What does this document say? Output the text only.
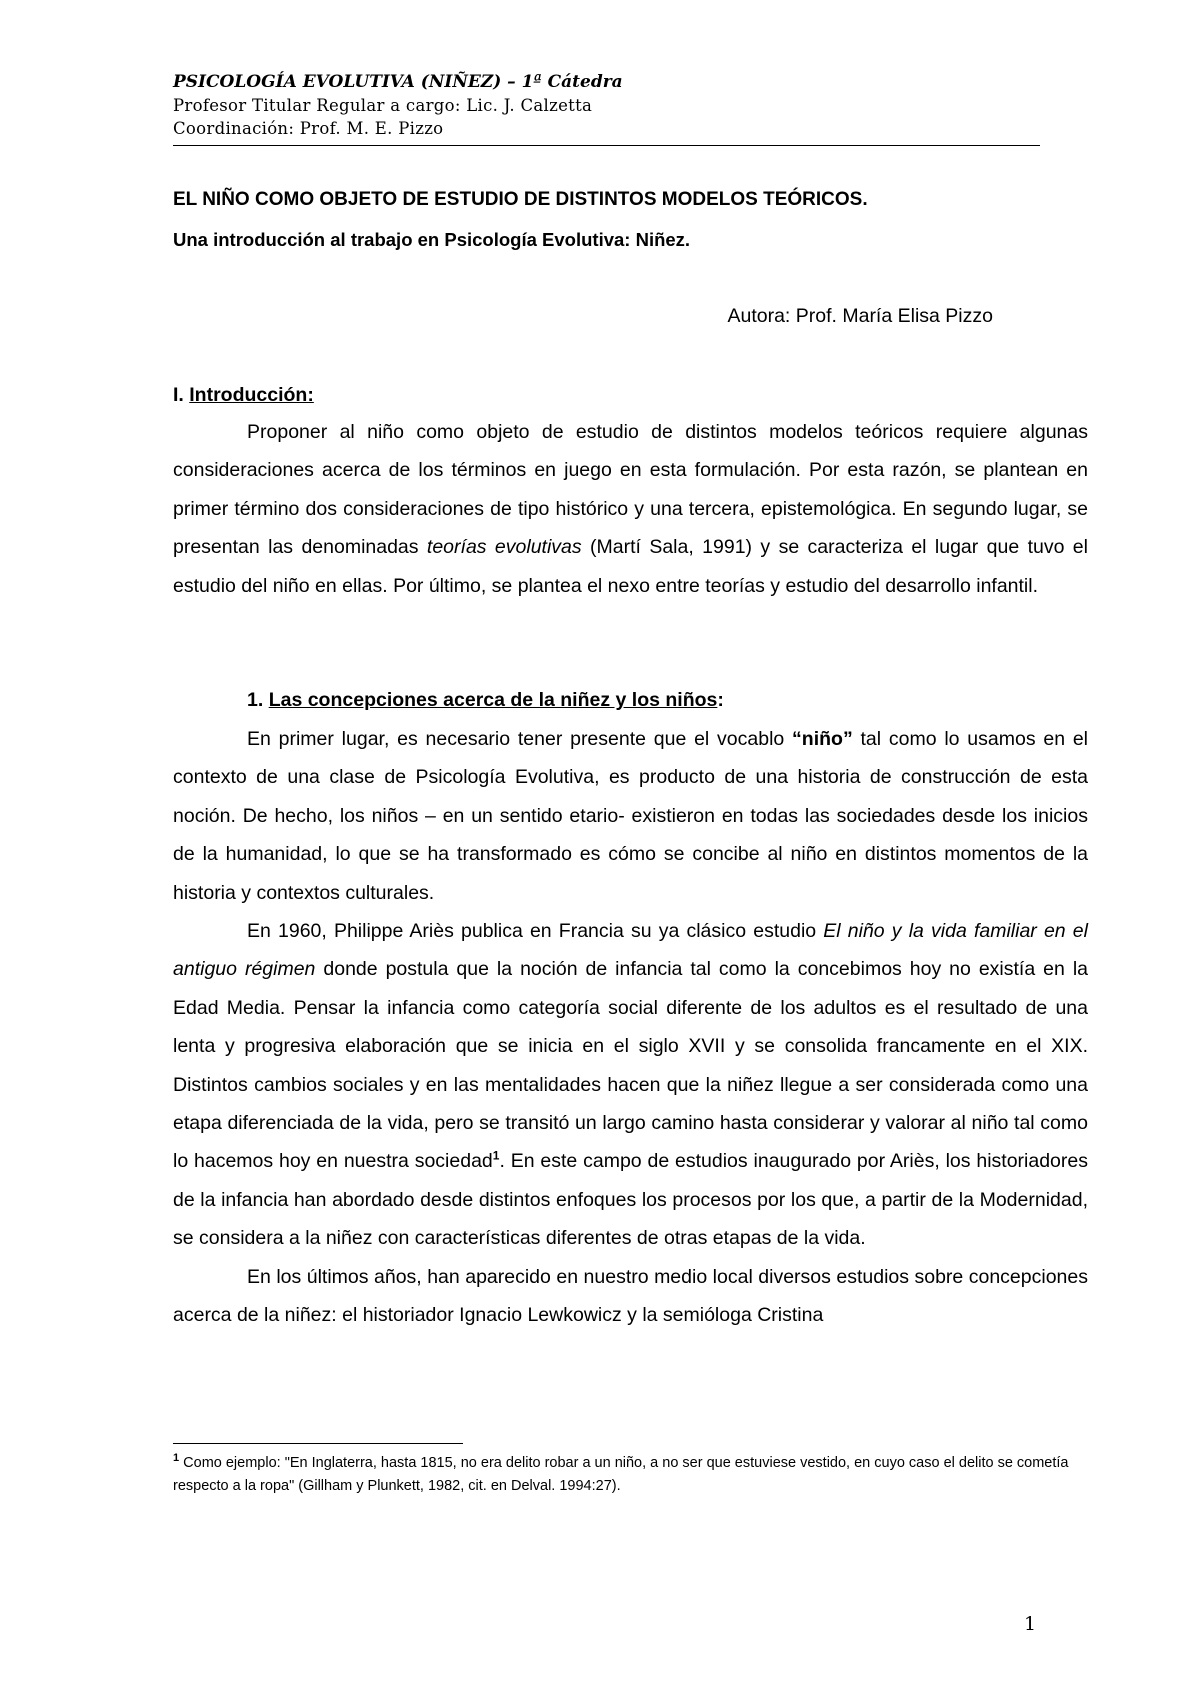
PSICOLOGÍA EVOLUTIVA (NIÑEZ) – 1ª Cátedra
Profesor Titular Regular a cargo: Lic. J. Calzetta
Coordinación: Prof. M. E. Pizzo
EL NIÑO COMO OBJETO DE ESTUDIO DE DISTINTOS MODELOS TEÓRICOS.
Una introducción al trabajo en Psicología Evolutiva: Niñez.
Autora: Prof. María Elisa Pizzo
I. Introducción:

Proponer al niño como objeto de estudio de distintos modelos teóricos requiere algunas consideraciones acerca de los términos en juego en esta formulación. Por esta razón, se plantean en primer término dos consideraciones de tipo histórico y una tercera, epistemológica. En segundo lugar, se presentan las denominadas teorías evolutivas (Martí Sala, 1991) y se caracteriza el lugar que tuvo el estudio del niño en ellas. Por último, se plantea el nexo entre teorías y estudio del desarrollo infantil.

1. Las concepciones acerca de la niñez y los niños:

En primer lugar, es necesario tener presente que el vocablo “niño” tal como lo usamos en el contexto de una clase de Psicología Evolutiva, es producto de una historia de construcción de esta noción. De hecho, los niños – en un sentido etario- existieron en todas las sociedades desde los inicios de la humanidad, lo que se ha transformado es cómo se concibe al niño en distintos momentos de la historia y contextos culturales.

En 1960, Philippe Ariès publica en Francia su ya clásico estudio El niño y la vida familiar en el antiguo régimen donde postula que la noción de infancia tal como la concebimos hoy no existía en la Edad Media. Pensar la infancia como categoría social diferente de los adultos es el resultado de una lenta y progresiva elaboración que se inicia en el siglo XVII y se consolida francamente en el XIX. Distintos cambios sociales y en las mentalidades hacen que la niñez llegue a ser considerada como una etapa diferenciada de la vida, pero se transitó un largo camino hasta considerar y valorar al niño tal como lo hacemos hoy en nuestra sociedad$^1$. En este campo de estudios inaugurado por Ariès, los historiadores de la infancia han abordado desde distintos enfoques los procesos por los que, a partir de la Modernidad, se considera a la niñez con características diferentes de otras etapas de la vida.

En los últimos años, han aparecido en nuestro medio local diversos estudios sobre concepciones acerca de la niñez: el historiador Ignacio Lewkowicz y la semióloga Cristina

$^1$ Como ejemplo: "En Inglaterra, hasta 1815, no era delito robar a un niño, a no ser que estuviese vestido, en cuyo caso el delito se cometía respecto a la ropa" (Gillham y Plunkett, 1982, cit. en Delval. 1994:27).
1
